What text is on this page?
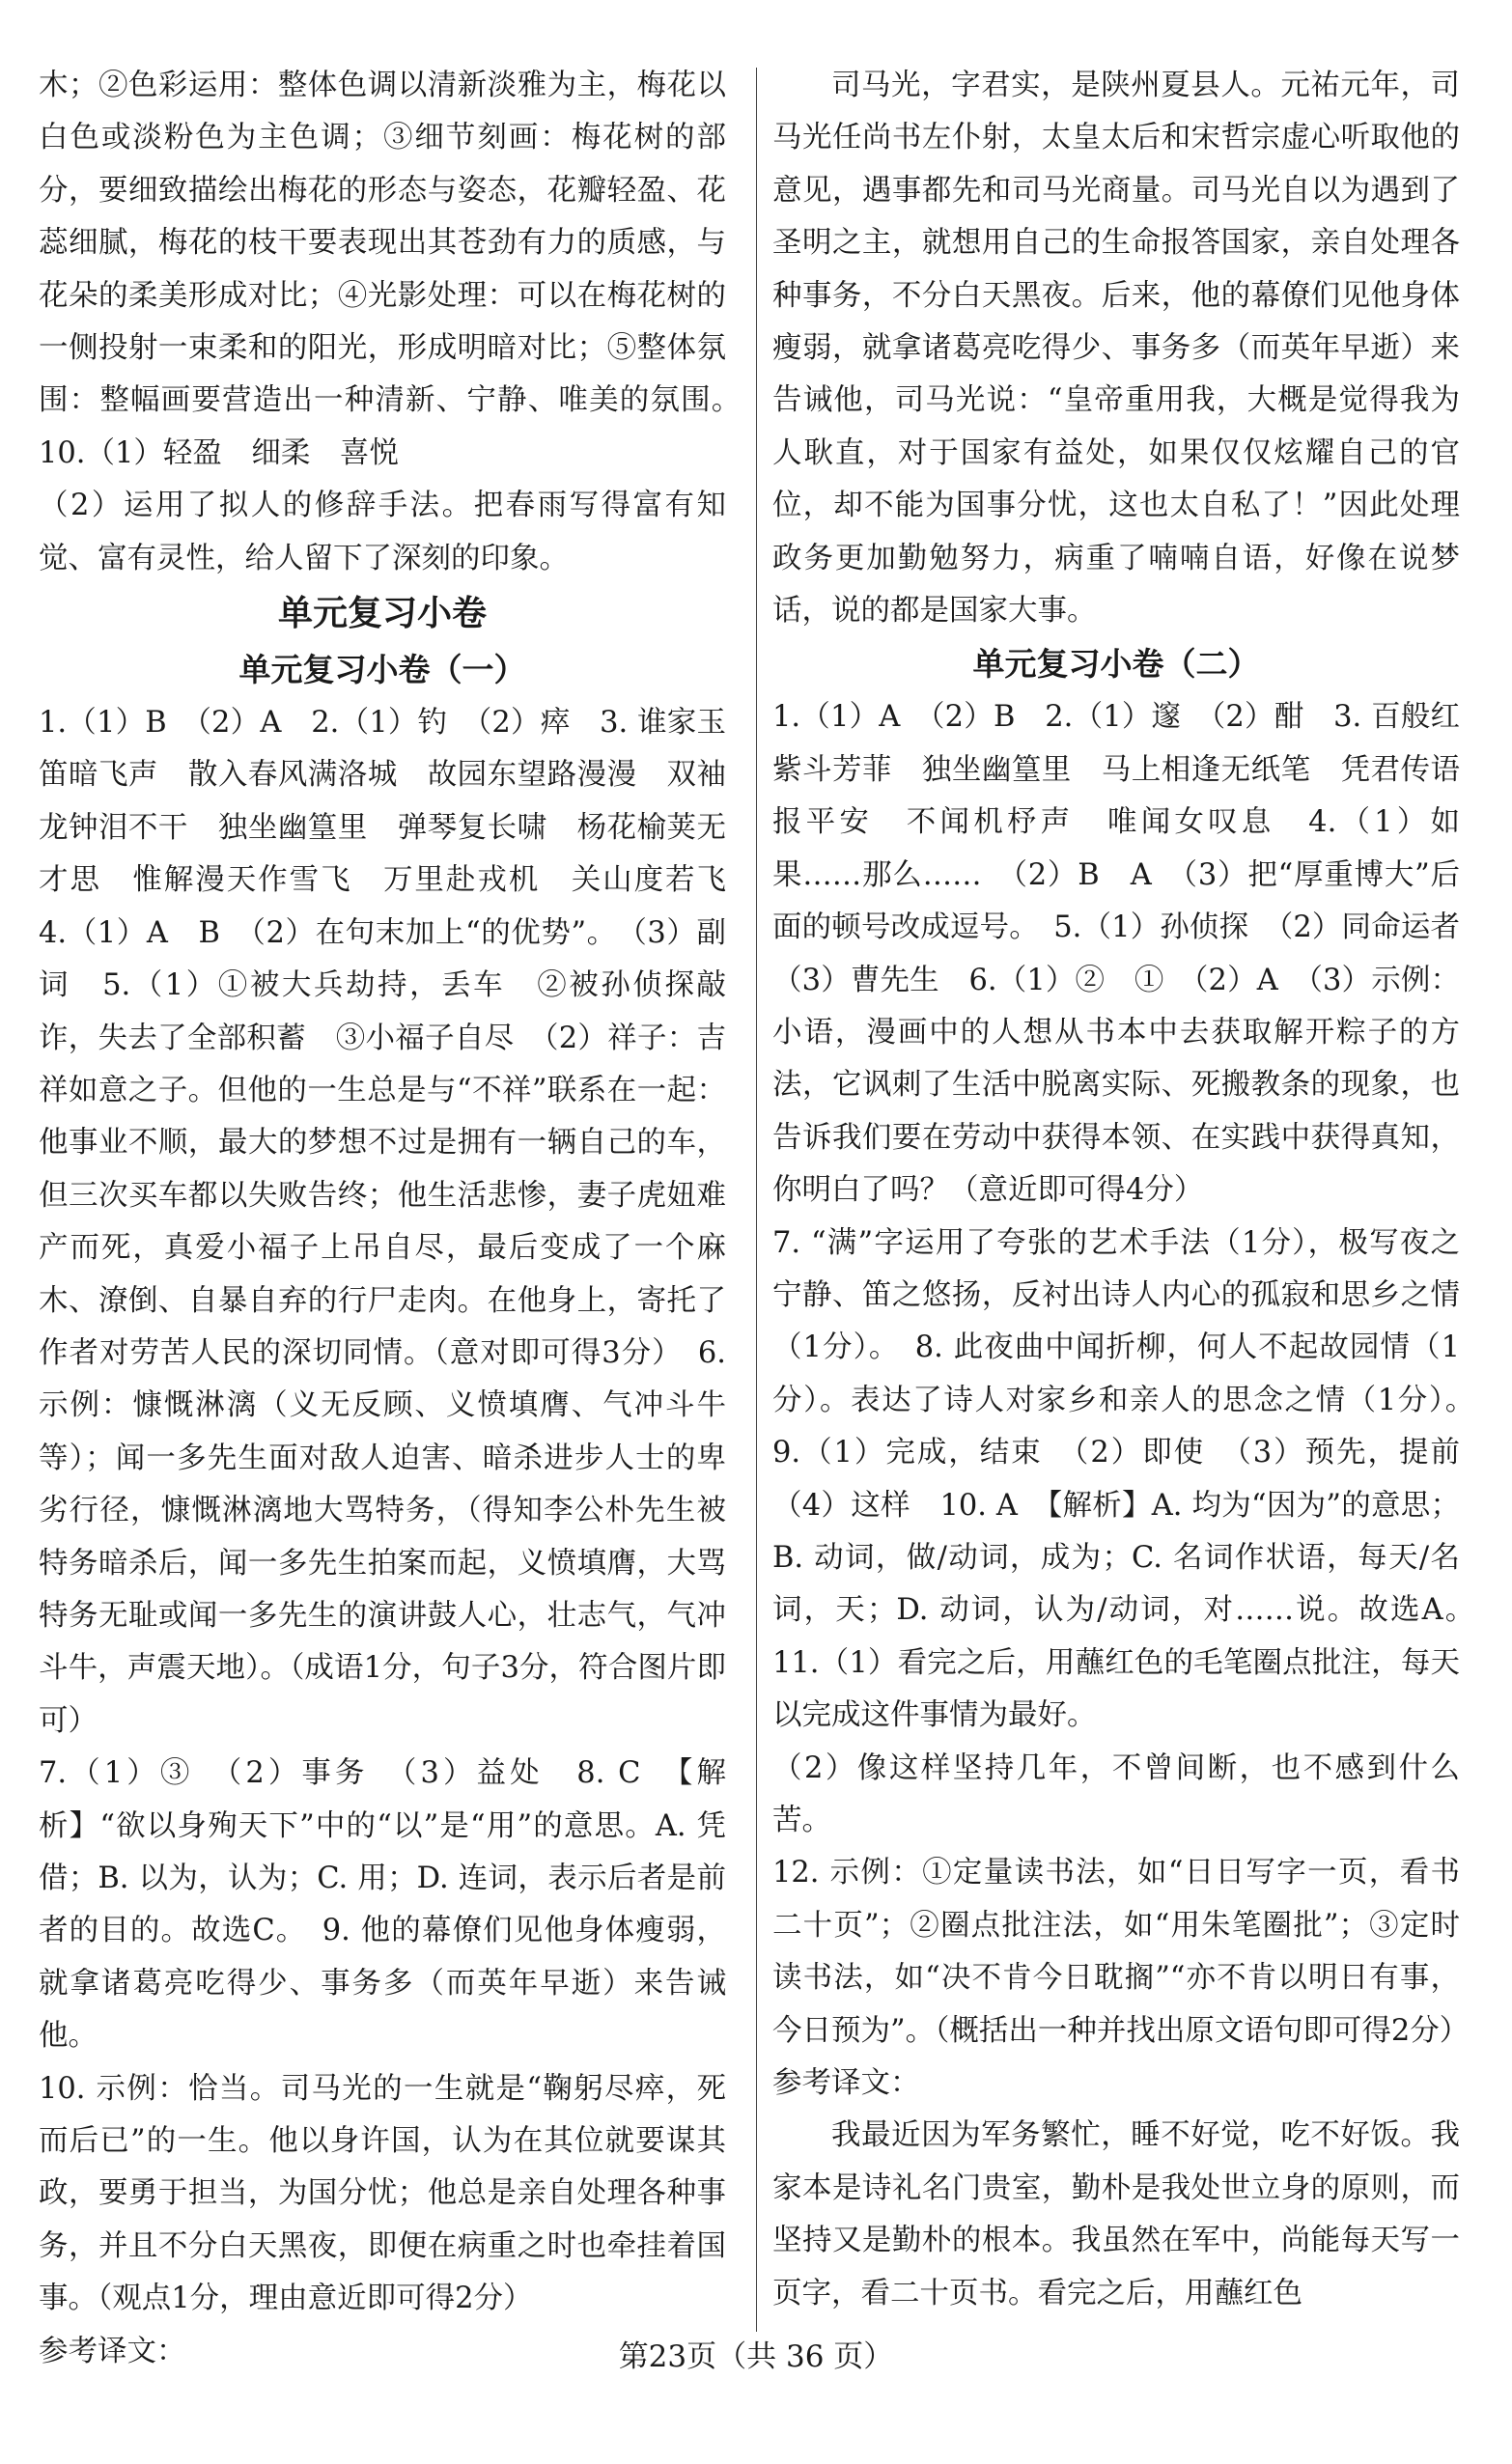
木；②色彩运用：整体色调以清新淡雅为主，梅花以白色或淡粉色为主色调；③细节刻画：梅花树的部分，要细致描绘出梅花的形态与姿态，花瓣轻盈、花蕊细腻，梅花的枝干要表现出其苍劲有力的质感，与花朵的柔美形成对比；④光影处理：可以在梅花树的一侧投射一束柔和的阳光，形成明暗对比；⑤整体氛围：整幅画要营造出一种清新、宁静、唯美的氛围。　10.（1）轻盈　细柔　喜悦

（2）运用了拟人的修辞手法。把春雨写得富有知觉、富有灵性，给人留下了深刻的印象。

单元复习小卷
单元复习小卷（一）

1.（1）B　（2）A　2.（1）钓　（2）瘁　3. 谁家玉笛暗飞声　散入春风满洛城　故园东望路漫漫　双袖龙钟泪不干　独坐幽篁里　弹琴复长啸　杨花榆荚无才思　惟解漫天作雪飞　万里赴戎机　关山度若飞　4.（1）A　B　（2）在句末加上“的优势”。　（3）副词　5.（1）①被大兵劫持，丢车　②被孙侦探敲诈，失去了全部积蓄　③小福子自尽　（2）祥子：吉祥如意之子。但他的一生总是与“不祥”联系在一起：他事业不顺，最大的梦想不过是拥有一辆自己的车，但三次买车都以失败告终；他生活悲惨，妻子虎妞难产而死，真爱小福子上吊自尽，最后变成了一个麻木、潦倒、自暴自弃的行尸走肉。在他身上，寄托了作者对劳苦人民的深切同情。（意对即可得3分）　6. 示例：慷慨淋漓（义无反顾、义愤填膺、气冲斗牛等）；闻一多先生面对敌人迫害、暗杀进步人士的卑劣行径，慷慨淋漓地大骂特务，（得知李公朴先生被特务暗杀后，闻一多先生拍案而起，义愤填膺，大骂特务无耻或闻一多先生的演讲鼓人心，壮志气，气冲斗牛，声震天地）。（成语1分，句子3分，符合图片即可）

7.（1）③　（2）事务　（3）益处　8. C　【解析】“欲以身殉天下”中的“以”是“用”的意思。A. 凭借；B. 以为，认为；C. 用；D. 连词，表示后者是前者的目的。故选C。　9. 他的幕僚们见他身体瘦弱，就拿诸葛亮吃得少、事务多（而英年早逝）来告诫他。

10. 示例：恰当。司马光的一生就是“鞠躬尽瘁，死而后已”的一生。他以身许国，认为在其位就要谋其政，要勇于担当，为国分忧；他总是亲自处理各种事务，并且不分白天黑夜，即便在病重之时也牵挂着国事。（观点1分，理由意近即可得2分）

参考译文：

司马光，字君实，是陕州夏县人。元祐元年，司马光任尚书左仆射，太皇太后和宋哲宗虚心听取他的意见，遇事都先和司马光商量。司马光自以为遇到了圣明之主，就想用自己的生命报答国家，亲自处理各种事务，不分白天黑夜。后来，他的幕僚们见他身体瘦弱，就拿诸葛亮吃得少、事务多（而英年早逝）来告诫他，司马光说：“皇帝重用我，大概是觉得我为人耿直，对于国家有益处，如果仅仅炫耀自己的官位，却不能为国事分忧，这也太自私了！”因此处理政务更加勤勉努力，病重了喃喃自语，好像在说梦话，说的都是国家大事。

单元复习小卷（二）

1.（1）A　（2）B　2.（1）邃　（2）酣　3. 百般红紫斗芳菲　独坐幽篁里　马上相逢无纸笔　凭君传语报平安　不闻机杼声　唯闻女叹息　4.（1）如果……那么……　（2）B　A　（3）把“厚重博大”后面的顿号改成逗号。　5.（1）孙侦探　（2）同命运者　（3）曹先生　6.（1）②　①　（2）A　（3）示例：小语，漫画中的人想从书本中去获取解开粽子的方法，它讽刺了生活中脱离实际、死搬教条的现象，也告诉我们要在劳动中获得本领、在实践中获得真知，你明白了吗？（意近即可得4分）

7. “满”字运用了夸张的艺术手法（1分），极写夜之宁静、笛之悠扬，反衬出诗人内心的孤寂和思乡之情（1分）。　8. 此夜曲中闻折柳，何人不起故园情（1分）。表达了诗人对家乡和亲人的思念之情（1分）。　9.（1）完成，结束　（2）即使　（3）预先，提前　（4）这样　10. A　【解析】A. 均为“因为”的意思；B. 动词，做/动词，成为；C. 名词作状语，每天/名词，天；D. 动词，认为/动词，对……说。故选A。　11.（1）看完之后，用蘸红色的毛笔圈点批注，每天以完成这件事情为最好。

（2）像这样坚持几年，不曾间断，也不感到什么苦。

12. 示例：①定量读书法，如“日日写字一页，看书二十页”；②圈点批注法，如“用朱笔圈批”；③定时读书法，如“决不肯今日耽搁”“亦不肯以明日有事，今日预为”。（概括出一种并找出原文语句即可得2分）

参考译文：

我最近因为军务繁忙，睡不好觉，吃不好饭。我家本是诗礼名门贵室，勤朴是我处世立身的原则，而坚持又是勤朴的根本。我虽然在军中，尚能每天写一页字，看二十页书。看完之后，用蘸红色

第23页（共 36 页）
